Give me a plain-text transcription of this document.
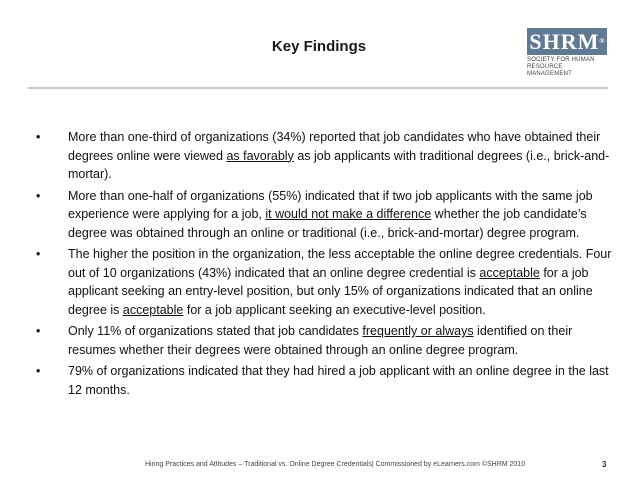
Key Findings	SHRM®
SOCIETY FOR HUMAN
RESOURCE MANAGEMENT
• More than one-third of organizations (34%) reported that job candidates who have obtained their degrees online were viewed as favorably as job applicants with traditional degrees (i.e., brick-and-mortar).
• More than one-half of organizations (55%) indicated that if two job applicants with the same job experience were applying for a job, it would not make a difference whether the job candidate’s degree was obtained through an online or traditional (i.e., brick-and-mortar) degree program.
• The higher the position in the organization, the less acceptable the online degree credentials. Four out of 10 organizations (43%) indicated that an online degree credential is acceptable for a job applicant seeking an entry-level position, but only 15% of organizations indicated that an online degree is acceptable for a job applicant seeking an executive-level position.
• Only 11% of organizations stated that job candidates frequently or always identified on their resumes whether their degrees were obtained through an online degree program.
• 79% of organizations indicated that they had hired a job applicant with an online degree in the last 12 months.
Hiring Practices and Attitudes – Traditional vs. Online Degree Credentials| Commissioned by eLearners.com ©SHRM 2010	3
